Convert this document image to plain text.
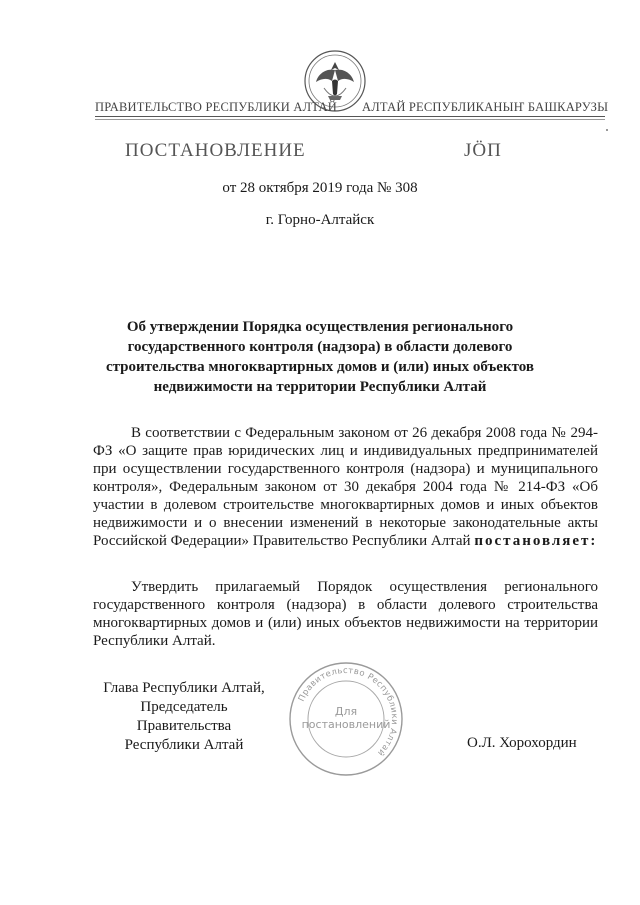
ПРАВИТЕЛЬСТВО РЕСПУБЛИКИ АЛТАЙ АЛТАЙ РЕСПУБЛИКАНЫҤ БАШКАРУЗЫ
ПОСТАНОВЛЕНИЕ	ЈӦП
от 28 октября 2019 года № 308
г. Горно-Алтайск
Об утверждении Порядка осуществления регионального государственного контроля (надзора) в области долевого строительства многоквартирных домов и (или) иных объектов недвижимости на территории Республики Алтай
В соответствии с Федеральным законом от 26 декабря 2008 года № 294-ФЗ «О защите прав юридических лиц и индивидуальных предпринимателей при осуществлении государственного контроля (надзора) и муниципального контроля», Федеральным законом от 30 декабря 2004 года № 214-ФЗ «Об участии в долевом строительстве многоквартирных домов и иных объектов недвижимости и о внесении изменений в некоторые законодательные акты Российской Федерации» Правительство Республики Алтай постановляет:
Утвердить прилагаемый Порядок осуществления регионального государственного контроля (надзора) в области долевого строительства многоквартирных домов и (или) иных объектов недвижимости на территории Республики Алтай.
Глава Республики Алтай,
Председатель Правительства
Республики Алтай
Правительство Республики Алтай
Для
постановлений
О.Л. Хорохордин
